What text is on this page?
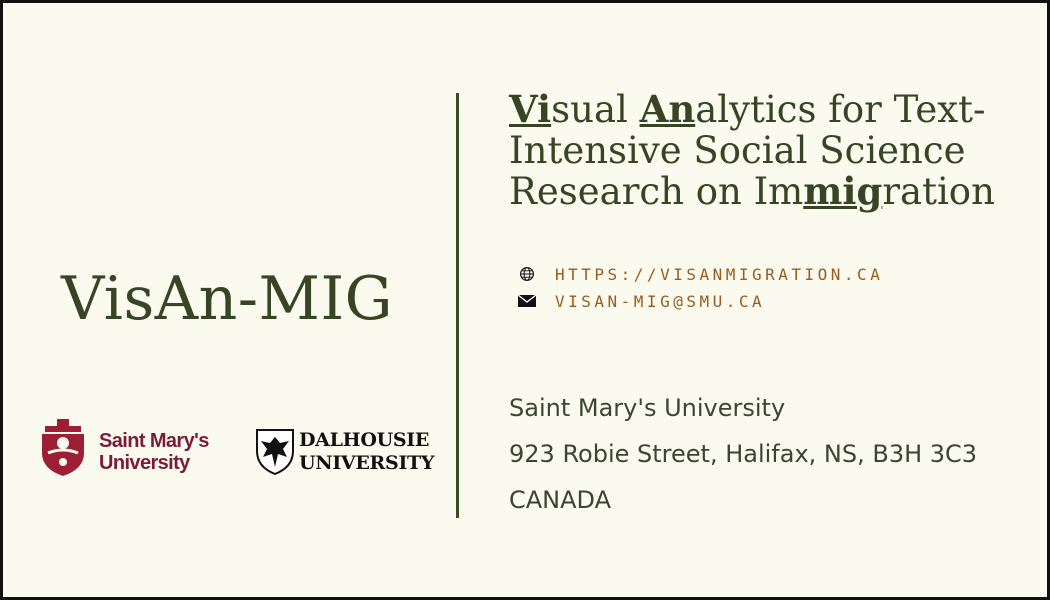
VisAn-MIG

Saint Mary's
University

DALHOUSIE
UNIVERSITY

Visual Analytics for Text-Intensive Social Science Research on Immigration
HTTPS://VISANMIGRATION.CA
VISAN-MIG@SMU.CA
Saint Mary's University
923 Robie Street, Halifax, NS, B3H 3C3
CANADA
